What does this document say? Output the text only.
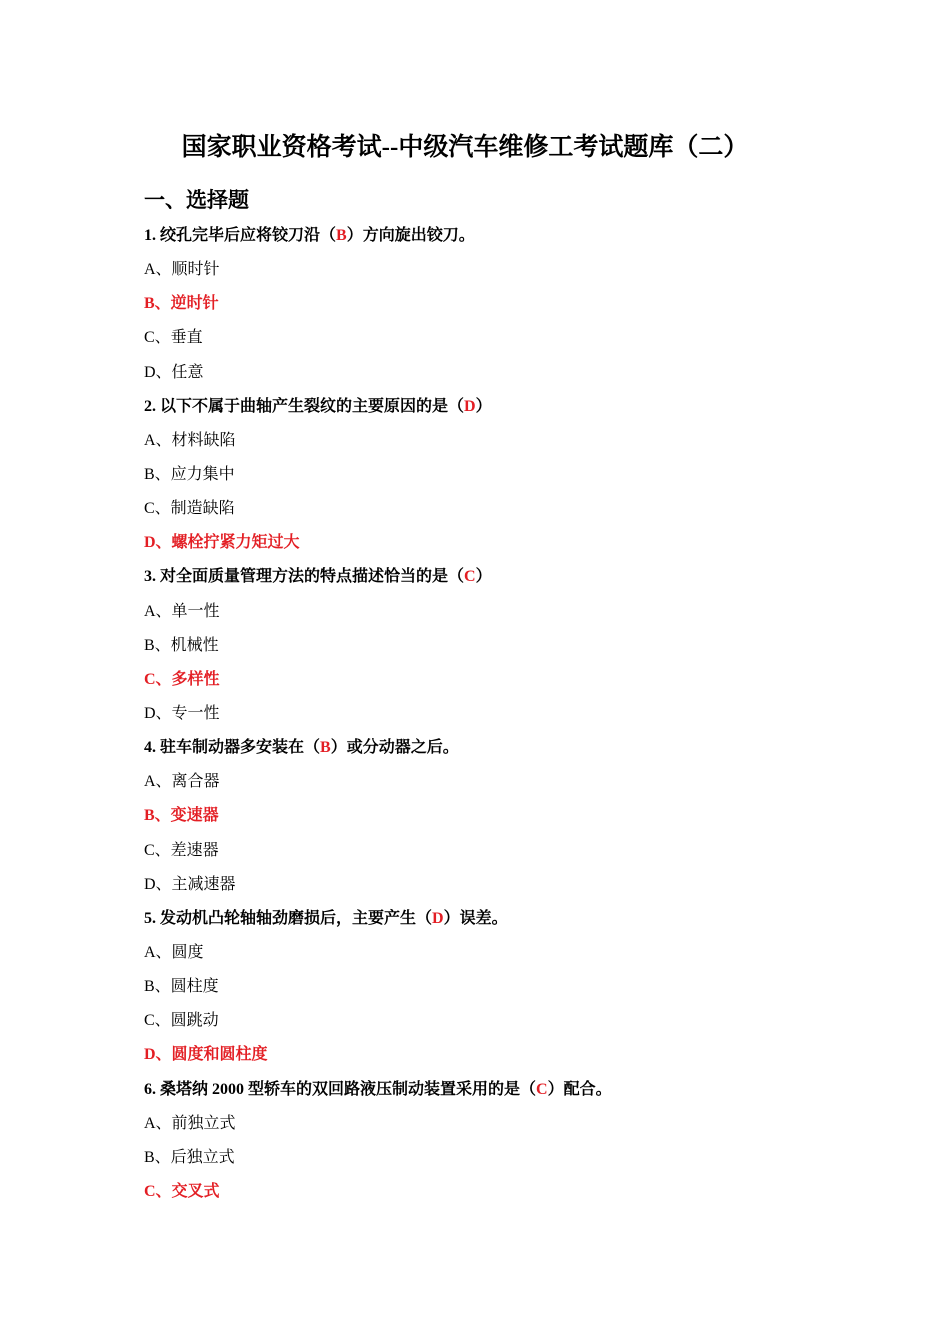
国家职业资格考试--中级汽车维修工考试题库（二）
一、选择题
1. 绞孔完毕后应将铰刀沿（B）方向旋出铰刀。
A、顺时针
B、逆时针
C、垂直
D、任意
2. 以下不属于曲轴产生裂纹的主要原因的是（D）
A、材料缺陷
B、应力集中
C、制造缺陷
D、螺栓拧紧力矩过大
3. 对全面质量管理方法的特点描述恰当的是（C）
A、单一性
B、机械性
C、多样性
D、专一性
4. 驻车制动器多安装在（B）或分动器之后。
A、离合器
B、变速器
C、差速器
D、主减速器
5. 发动机凸轮轴轴劲磨损后，主要产生（D）误差。
A、圆度
B、圆柱度
C、圆跳动
D、圆度和圆柱度
6. 桑塔纳 2000 型轿车的双回路液压制动装置采用的是（C）配合。
A、前独立式
B、后独立式
C、交叉式
